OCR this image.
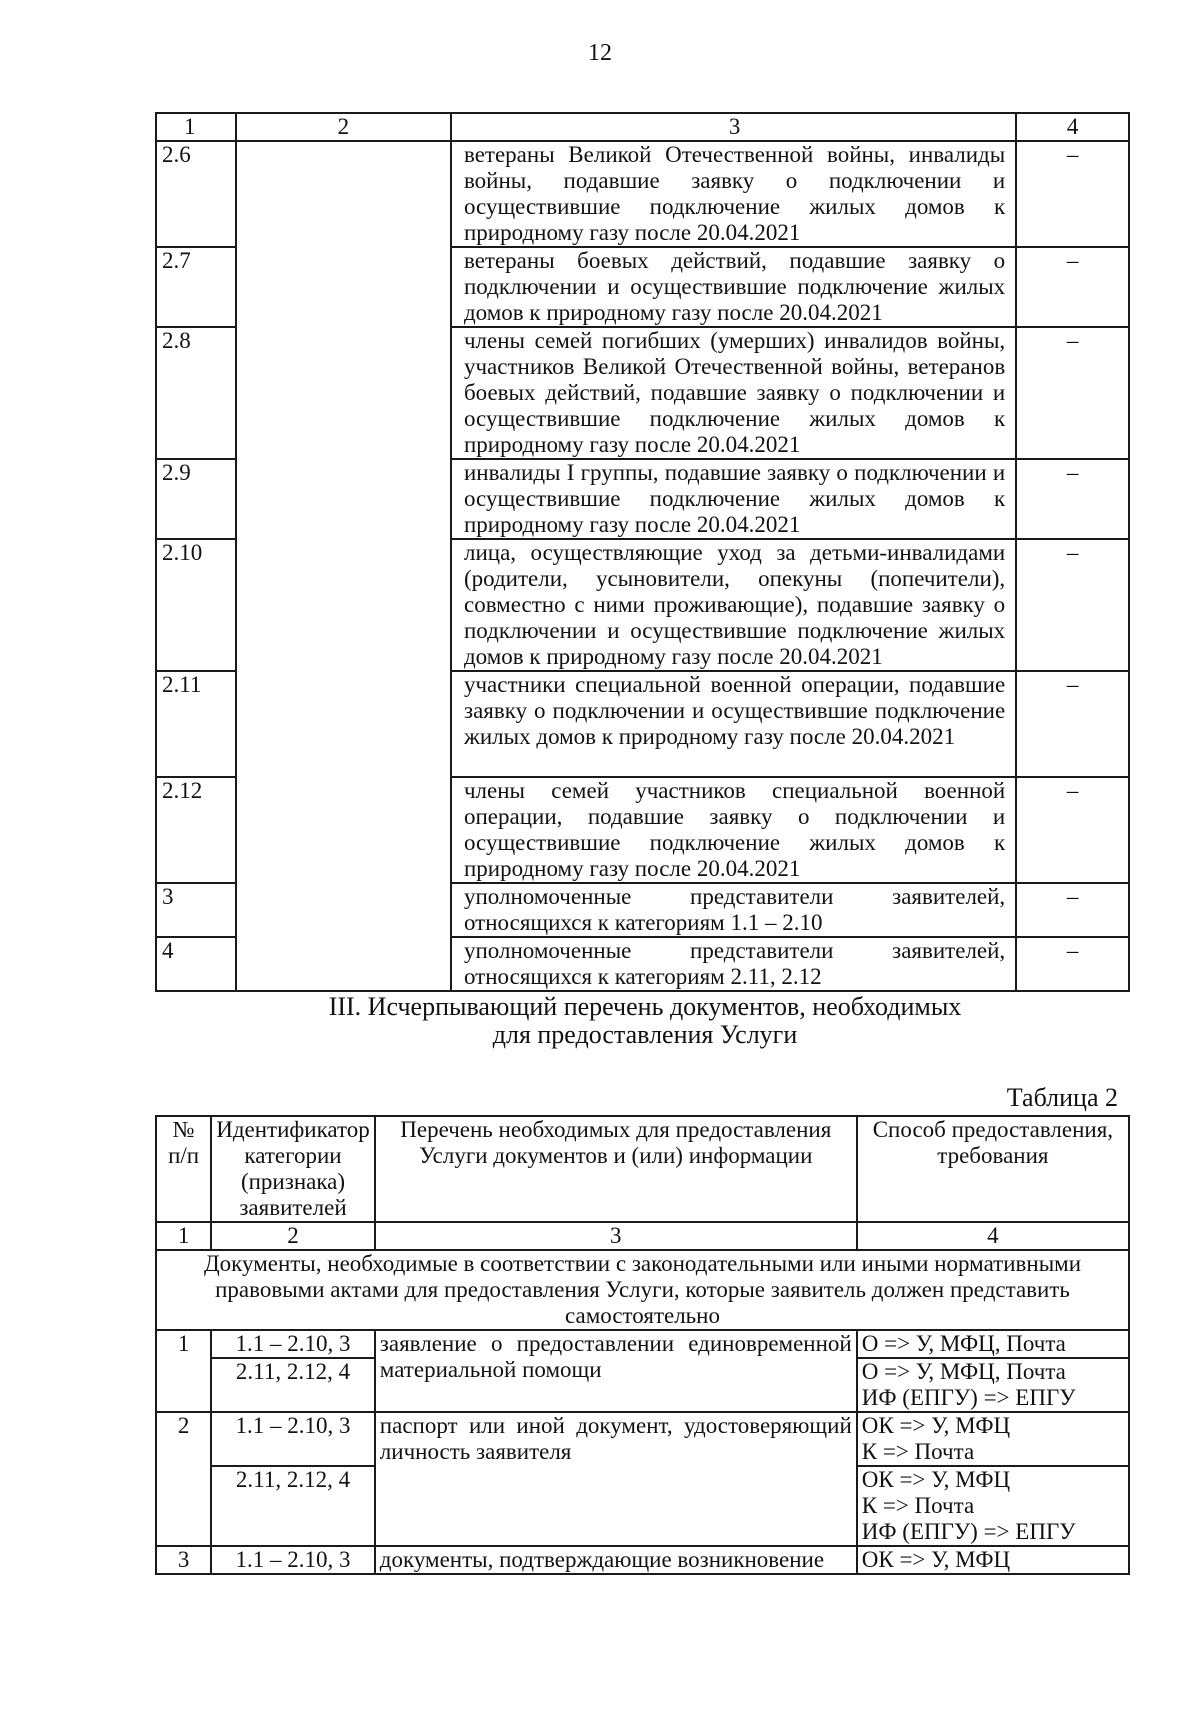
12
1	2	3	4
2.6		ветераны Великой Отечественной войны, инвалиды войны, подавшие заявку о подключении и осуществившие подключение жилых домов к природному газу после 20.04.2021	–
2.7		ветераны боевых действий, подавшие заявку о подключении и осуществившие подключение жилых домов к природному газу после 20.04.2021	–
2.8		члены семей погибших (умерших) инвалидов войны, участников Великой Отечественной войны, ветеранов боевых действий, подавшие заявку о подключении и осуществившие подключение жилых домов к природному газу после 20.04.2021	–
2.9		инвалиды I группы, подавшие заявку о подключении и осуществившие подключение жилых домов к природному газу после 20.04.2021	–
2.10		лица, осуществляющие уход за детьми-инвалидами (родители, усыновители, опекуны (попечители), совместно с ними проживающие), подавшие заявку о подключении и осуществившие подключение жилых домов к природному газу после 20.04.2021	–
2.11		участники специальной военной операции, подавшие заявку о подключении и осуществившие подключение жилых домов к природному газу после 20.04.2021	–
2.12		члены семей участников специальной военной операции, подавшие заявку о подключении и осуществившие подключение жилых домов к природному газу после 20.04.2021	–
3		уполномоченные представители заявителей, относящихся к категориям 1.1 – 2.10	–
4		уполномоченные представители заявителей, относящихся к категориям 2.11, 2.12	–
III. Исчерпывающий перечень документов, необходимых
для предоставления Услуги
Таблица 2
№ п/п	Идентификатор категории (признака) заявителей	Перечень необходимых для предоставления Услуги документов и (или) информации	Способ предоставления, требования
1	2	3	4
Документы, необходимые в соответствии с законодательными или иными нормативными правовыми актами для предоставления Услуги, которые заявитель должен представить самостоятельно			
1	1.1 – 2.10, 3	заявление о предоставлении единовременной материальной помощи	О => У, МФЦ, Почта

	2.11, 2.12, 4		О => У, МФЦ, Почта
ИФ (ЕПГУ) => ЕПГУ

2	1.1 – 2.10, 3	паспорт или иной документ, удостоверяющий личность заявителя	ОК => У, МФЦ
К => Почта

	2.11, 2.12, 4		ОК => У, МФЦ
К => Почта
ИФ (ЕПГУ) => ЕПГУ

3	1.1 – 2.10, 3	документы, подтверждающие возникновение	ОК => У, МФЦ
